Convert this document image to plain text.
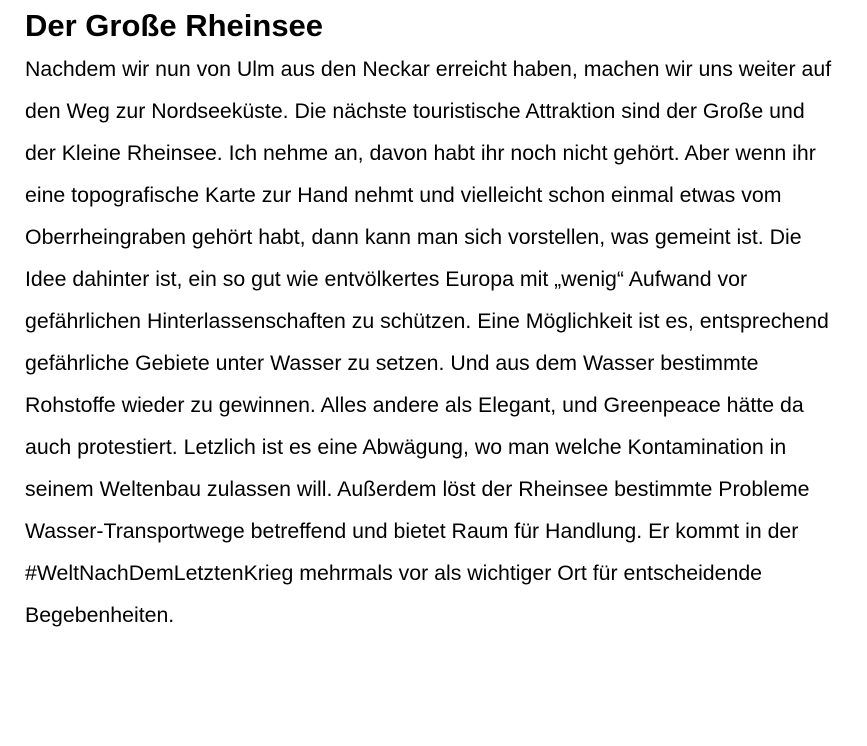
Der Große Rheinsee

Nachdem wir nun von Ulm aus den Neckar erreicht haben, machen wir uns weiter auf den Weg zur Nordseeküste. Die nächste touristische Attraktion sind der Große und der Kleine Rheinsee. Ich nehme an, davon habt ihr noch nicht gehört. Aber wenn ihr eine topografische Karte zur Hand nehmt und vielleicht schon einmal etwas vom Oberrheingraben gehört habt, dann kann man sich vorstellen, was gemeint ist. Die Idee dahinter ist, ein so gut wie entvölkertes Europa mit „wenig“ Aufwand vor gefährlichen Hinterlassenschaften zu schützen. Eine Möglichkeit ist es, entsprechend gefährliche Gebiete unter Wasser zu setzen. Und aus dem Wasser bestimmte Rohstoffe wieder zu gewinnen. Alles andere als Elegant, und Greenpeace hätte da auch protestiert. Letzlich ist es eine Abwägung, wo man welche Kontamination in seinem Weltenbau zulassen will. Außerdem löst der Rheinsee bestimmte Probleme Wasser-Transportwege betreffend und bietet Raum für Handlung. Er kommt in der #WeltNachDemLetztenKrieg mehrmals vor als wichtiger Ort für entscheidende Begebenheiten.
